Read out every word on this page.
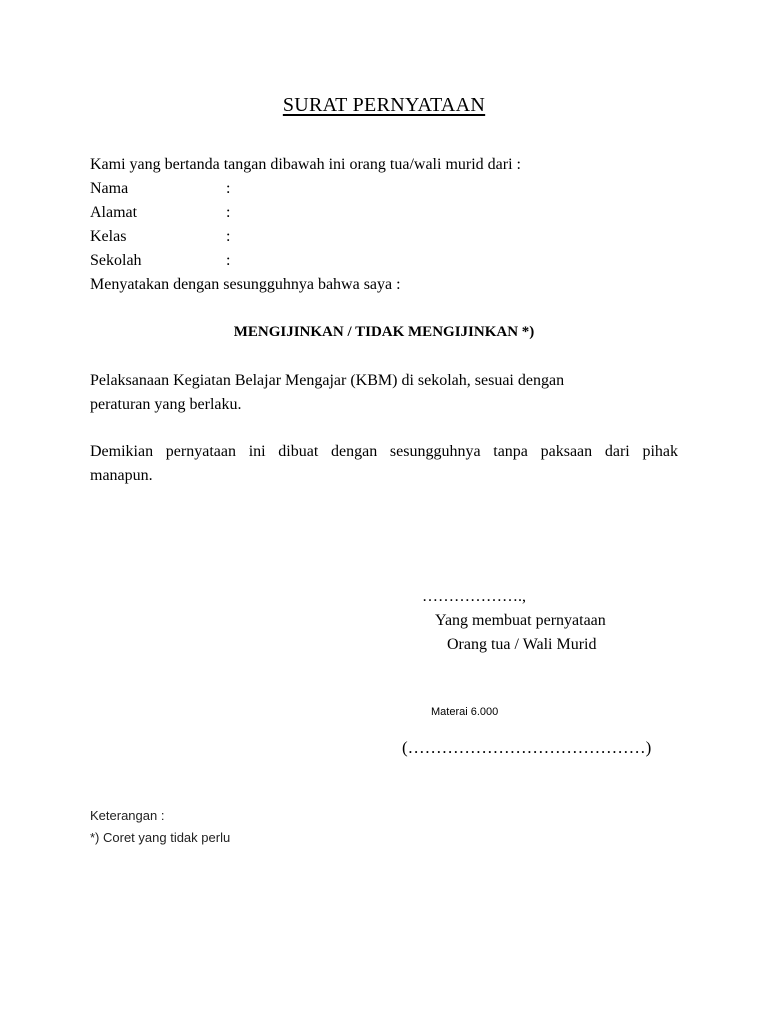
SURAT PERNYATAAN
Kami yang bertanda tangan dibawah ini orang tua/wali murid dari :
Nama	:
Alamat	:
Kelas	:
Sekolah	:
Menyatakan dengan sesungguhnya bahwa saya :
MENGIJINKAN / TIDAK MENGIJINKAN *)
Pelaksanaan Kegiatan Belajar Mengajar (KBM) di sekolah, sesuai dengan
peraturan yang berlaku.
Demikian pernyataan ini dibuat dengan sesungguhnya tanpa paksaan dari pihak
manapun.
……………….,
Yang membuat pernyataan
Orang tua / Wali Murid
Materai 6.000
(……………………………………)
Keterangan :
*) Coret yang tidak perlu
